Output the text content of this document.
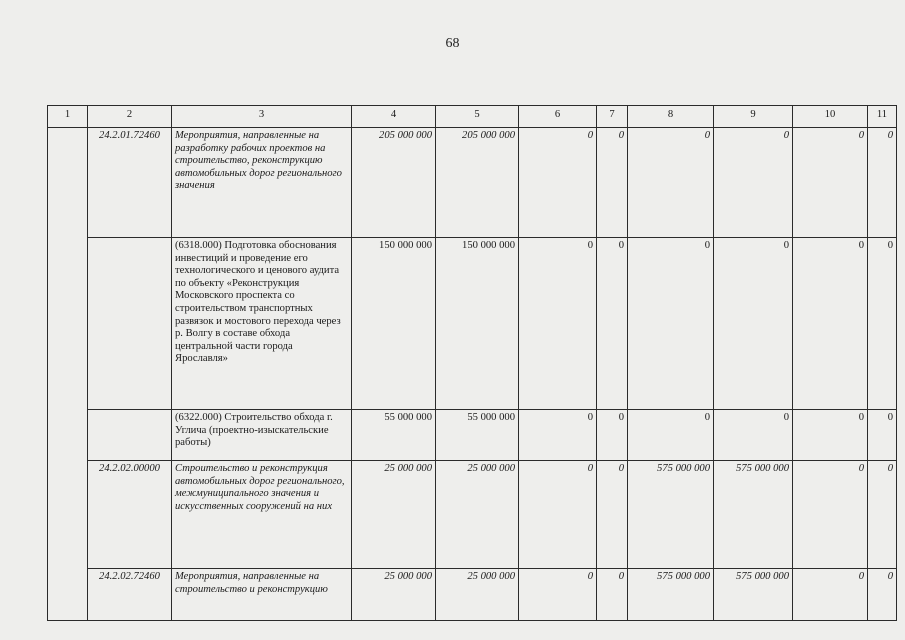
68
1	2	3	4	5	6	7	8	9	10	11
	24.2.01.72460	Мероприятия, направленные на разработку рабочих проектов на строительство, реконструкцию автомобильных дорог регионального значения	205 000 000	205 000 000	0	0	0	0	0	0
		(6318.000) Подготовка обоснования инвестиций и проведение его технологического и ценового аудита по объекту «Реконструкция Московского проспекта со строительством транспортных развязок и мостового перехода через р. Волгу в составе обхода центральной части города Ярославля»	150 000 000	150 000 000	0	0	0	0	0	0
		(6322.000) Строительство обхода г. Углича (проектно-изыскательские работы)	55 000 000	55 000 000	0	0	0	0	0	0
	24.2.02.00000	Строительство и реконструкция автомобильных дорог регионального, межмуниципального значения и искусственных сооружений на них	25 000 000	25 000 000	0	0	575 000 000	575 000 000	0	0
	24.2.02.72460	Мероприятия, направленные на строительство и реконструкцию	25 000 000	25 000 000	0	0	575 000 000	575 000 000	0	0
